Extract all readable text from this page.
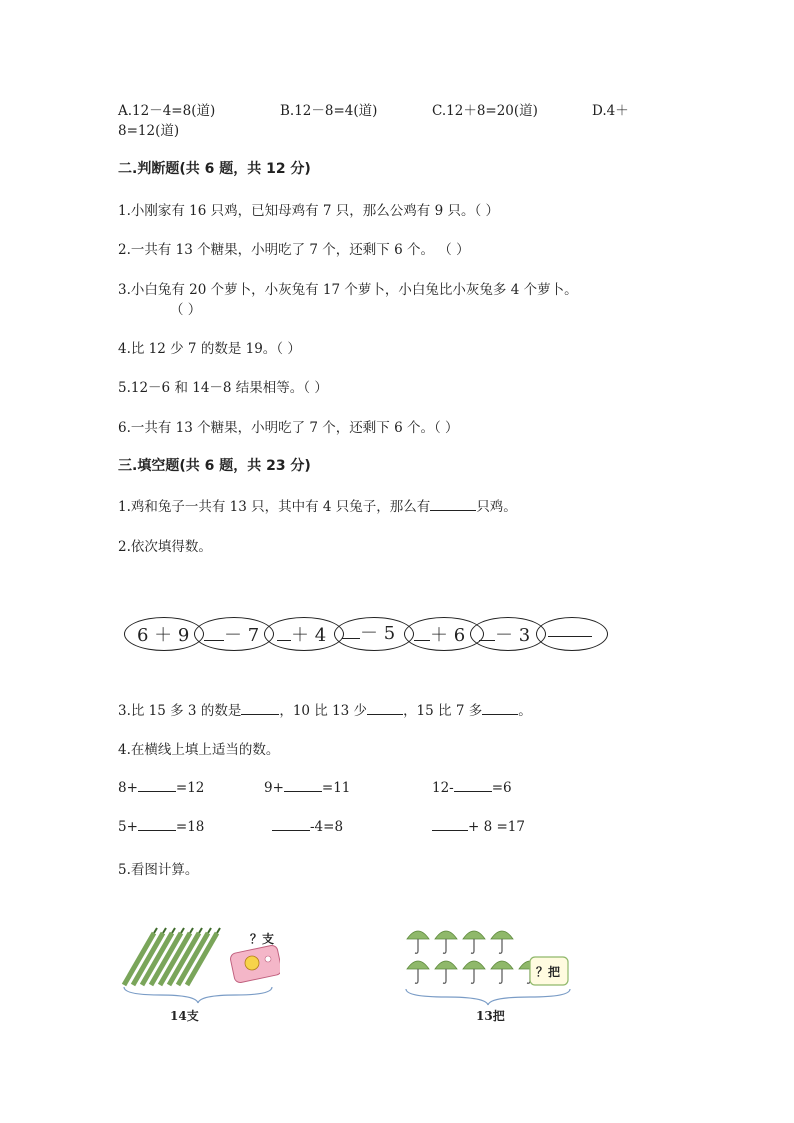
A.12－4=8(道)	B.12－8=4(道)	C.12＋8=20(道)	D.4＋
8=12(道)
二.判断题(共 6 题，共 12 分)
1.小刚家有 16 只鸡，已知母鸡有 7 只，那么公鸡有 9 只。（ ）
2.一共有 13 个糖果，小明吃了 7 个，还剩下 6 个。 （ ）
3.小白兔有 20 个萝卜，小灰兔有 17 个萝卜，小白兔比小灰兔多 4 个萝卜。
（ ）
4.比 12 少 7 的数是 19。（ ）
5.12－6 和 14－8 结果相等。（ ）
6.一共有 13 个糖果，小明吃了 7 个，还剩下 6 个。（ ）
三.填空题(共 6 题，共 23 分)
1.鸡和兔子一共有 13 只，其中有 4 只兔子，那么有	只鸡。
2.依次填得数。
6 ＋ 9	－ 7	＋ 4	－ 5	＋ 6	－ 3
3.比 15 多 3 的数是	，10 比 13 少	，15 比 7 多	。
4.在横线上填上适当的数。
8+	=12	9+	=11	12-	=6
5+	=18	-4=8	+ 8 =17
5.看图计算。
？支
14支
？把
13把
